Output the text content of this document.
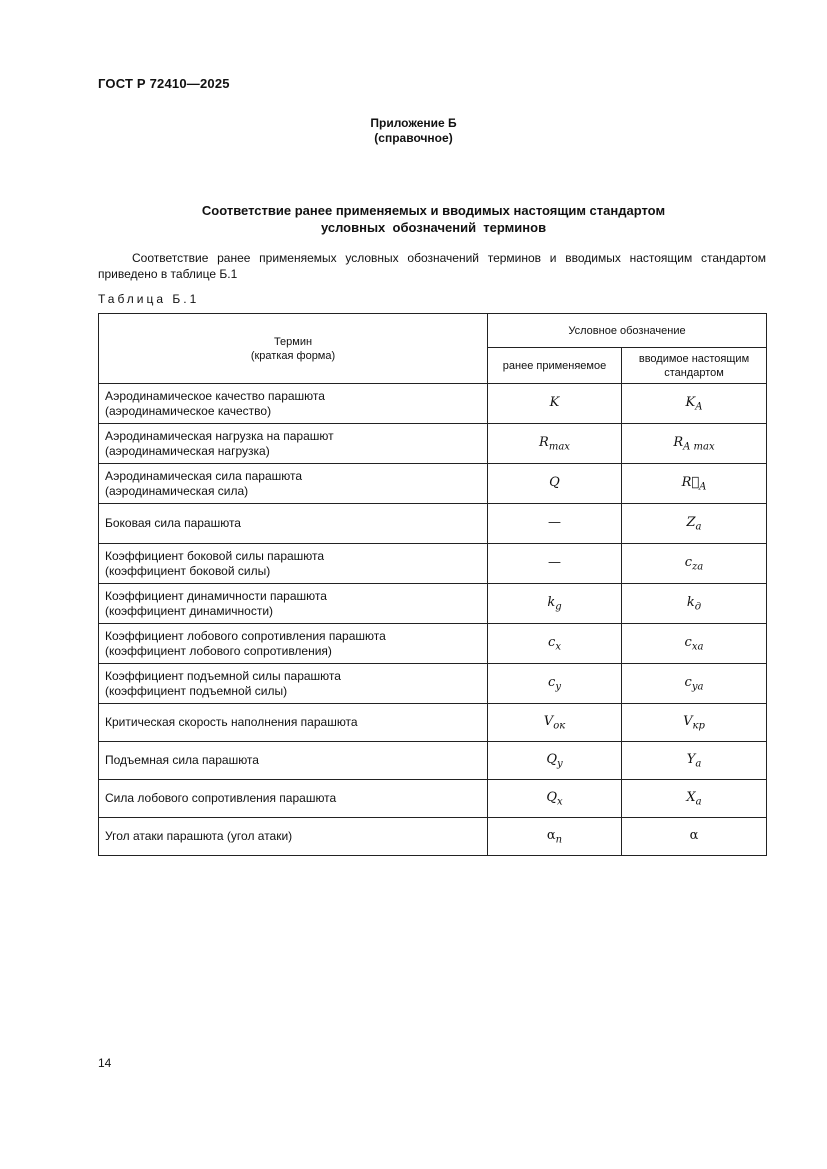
ГОСТ Р 72410—2025
Приложение Б
(справочное)
Соответствие ранее применяемых и вводимых настоящим стандартом
условных  обозначений  терминов
Соответствие ранее применяемых условных обозначений терминов и вводимых настоящим стандартом приведено в таблице Б.1
Таблица Б.1
Термин
(краткая форма)	Условное обозначение	
	ранее применяемое	вводимое настоящим
стандартом

Аэродинамическое качество парашюта
(аэродинамическое качество)	K	$K_A$

Аэродинамическая нагрузка на парашют
(аэродинамическая нагрузка)	$R_{max}$	$R_{A max}$

Аэродинамическая сила парашюта
(аэродинамическая сила)	Q	$R⃗_A$

Боковая сила парашюта	—	$Z_a$

Коэффициент боковой силы парашюта
(коэффициент боковой силы)	—	$c_{za}$

Коэффициент динамичности парашюта
(коэффициент динамичности)	$k_g$	$k_д$

Коэффициент лобового сопротивления парашюта
(коэффициент лобового сопротивления)	$c_x$	$c_{xa}$

Коэффициент подъемной силы парашюта
(коэффициент подъемной силы)	$c_y$	$c_{ya}$

Критическая скорость наполнения парашюта	$V_{ок}$	$V_{кр}$

Подъемная сила парашюта	$Q_y$	$Y_a$

Сила лобового сопротивления парашюта	$Q_x$	$X_a$

Угол атаки парашюта (угол атаки)	$\alpha_п$	α
14
